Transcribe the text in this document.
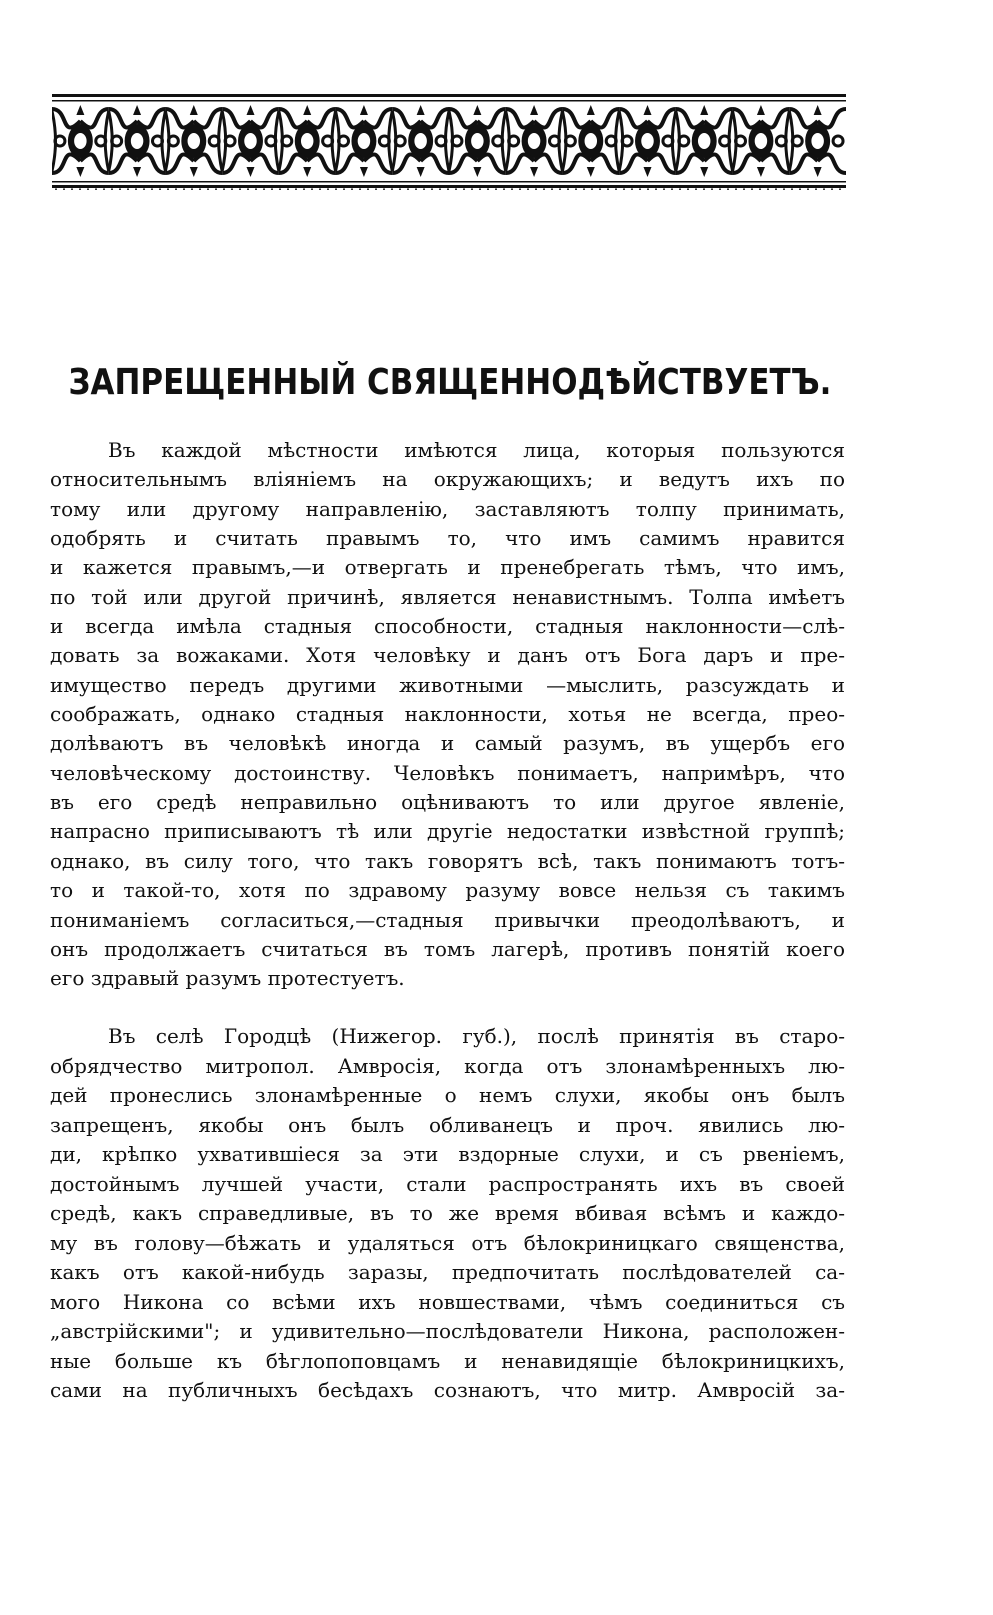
ЗАПРЕЩЕННЫЙ СВЯЩЕННОДѢЙСТВУЕТЪ.
Въ каждой мѣстности имѣются лица, которыя пользуются
относительнымъ вліяніемъ на окружающихъ; и ведутъ ихъ по
тому или другому направленію, заставляютъ толпу принимать,
одобрять и считать правымъ то, что имъ самимъ нравится
и кажется правымъ,—и отвергать и пренебрегать тѣмъ, что имъ,
по той или другой причинѣ, является ненавистнымъ. Толпа имѣетъ
и всегда имѣла стадныя способности, стадныя наклонности—слѣ-
довать за вожаками. Хотя человѣку и данъ отъ Бога даръ и пре-
имущество передъ другими животными —мыслить, разсуждать и
соображать, однако стадныя наклонности, хотья не всегда, прео-
долѣваютъ въ человѣкѣ иногда и самый разумъ, въ ущербъ его
человѣческому достоинству. Человѣкъ понимаетъ, напримѣръ, что
въ его средѣ неправильно оцѣниваютъ то или другое явленіе,
напрасно приписываютъ тѣ или другіе недостатки извѣстной группѣ;
однако, въ силу того, что такъ говорятъ всѣ, такъ понимаютъ тотъ-
то и такой-то, хотя по здравому разуму вовсе нельзя съ такимъ
пониманіемъ согласиться,—стадныя привычки преодолѣваютъ, и
онъ продолжаетъ считаться въ томъ лагерѣ, противъ понятій коего
его здравый разумъ протестуетъ.
Въ селѣ Городцѣ (Нижегор. губ.), послѣ принятія въ старо-
обрядчество митропол. Амвросія, когда отъ злонамѣренныхъ лю-
дей пронеслись злонамѣренные о немъ слухи, якобы онъ былъ
запрещенъ, якобы онъ былъ обливанецъ и проч. явились лю-
ди, крѣпко ухватившіеся за эти вздорные слухи, и съ рвеніемъ,
достойнымъ лучшей участи, стали распространять ихъ въ своей
средѣ, какъ справедливые, въ то же время вбивая всѣмъ и каждо-
му въ голову—бѣжать и удаляться отъ бѣлокриницкаго священства,
какъ отъ какой-нибудь заразы, предпочитать послѣдователей са-
мого Никона со всѣми ихъ новшествами, чѣмъ соединиться съ
„австрійскими"; и удивительно—послѣдователи Никона, расположен-
ные больше къ бѣглопоповцамъ и ненавидящіе бѣлокриницкихъ,
сами на публичныхъ бесѣдахъ сознаютъ, что митр. Амвросій за-
